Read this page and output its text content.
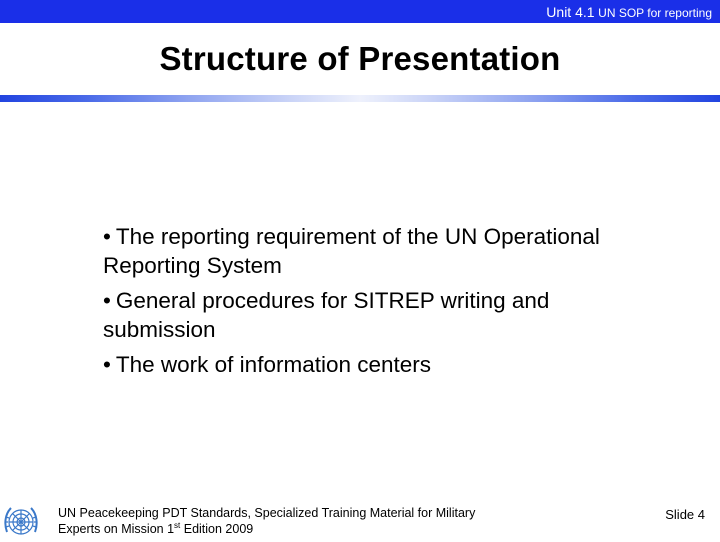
Unit 4.1 UN SOP for reporting
Structure of Presentation
• The reporting requirement of the UN Operational Reporting System
• General procedures for SITREP writing and submission
• The work of information centers
UN Peacekeeping PDT Standards, Specialized Training Material for Military
Experts on Mission 1st Edition 2009
Slide 4
